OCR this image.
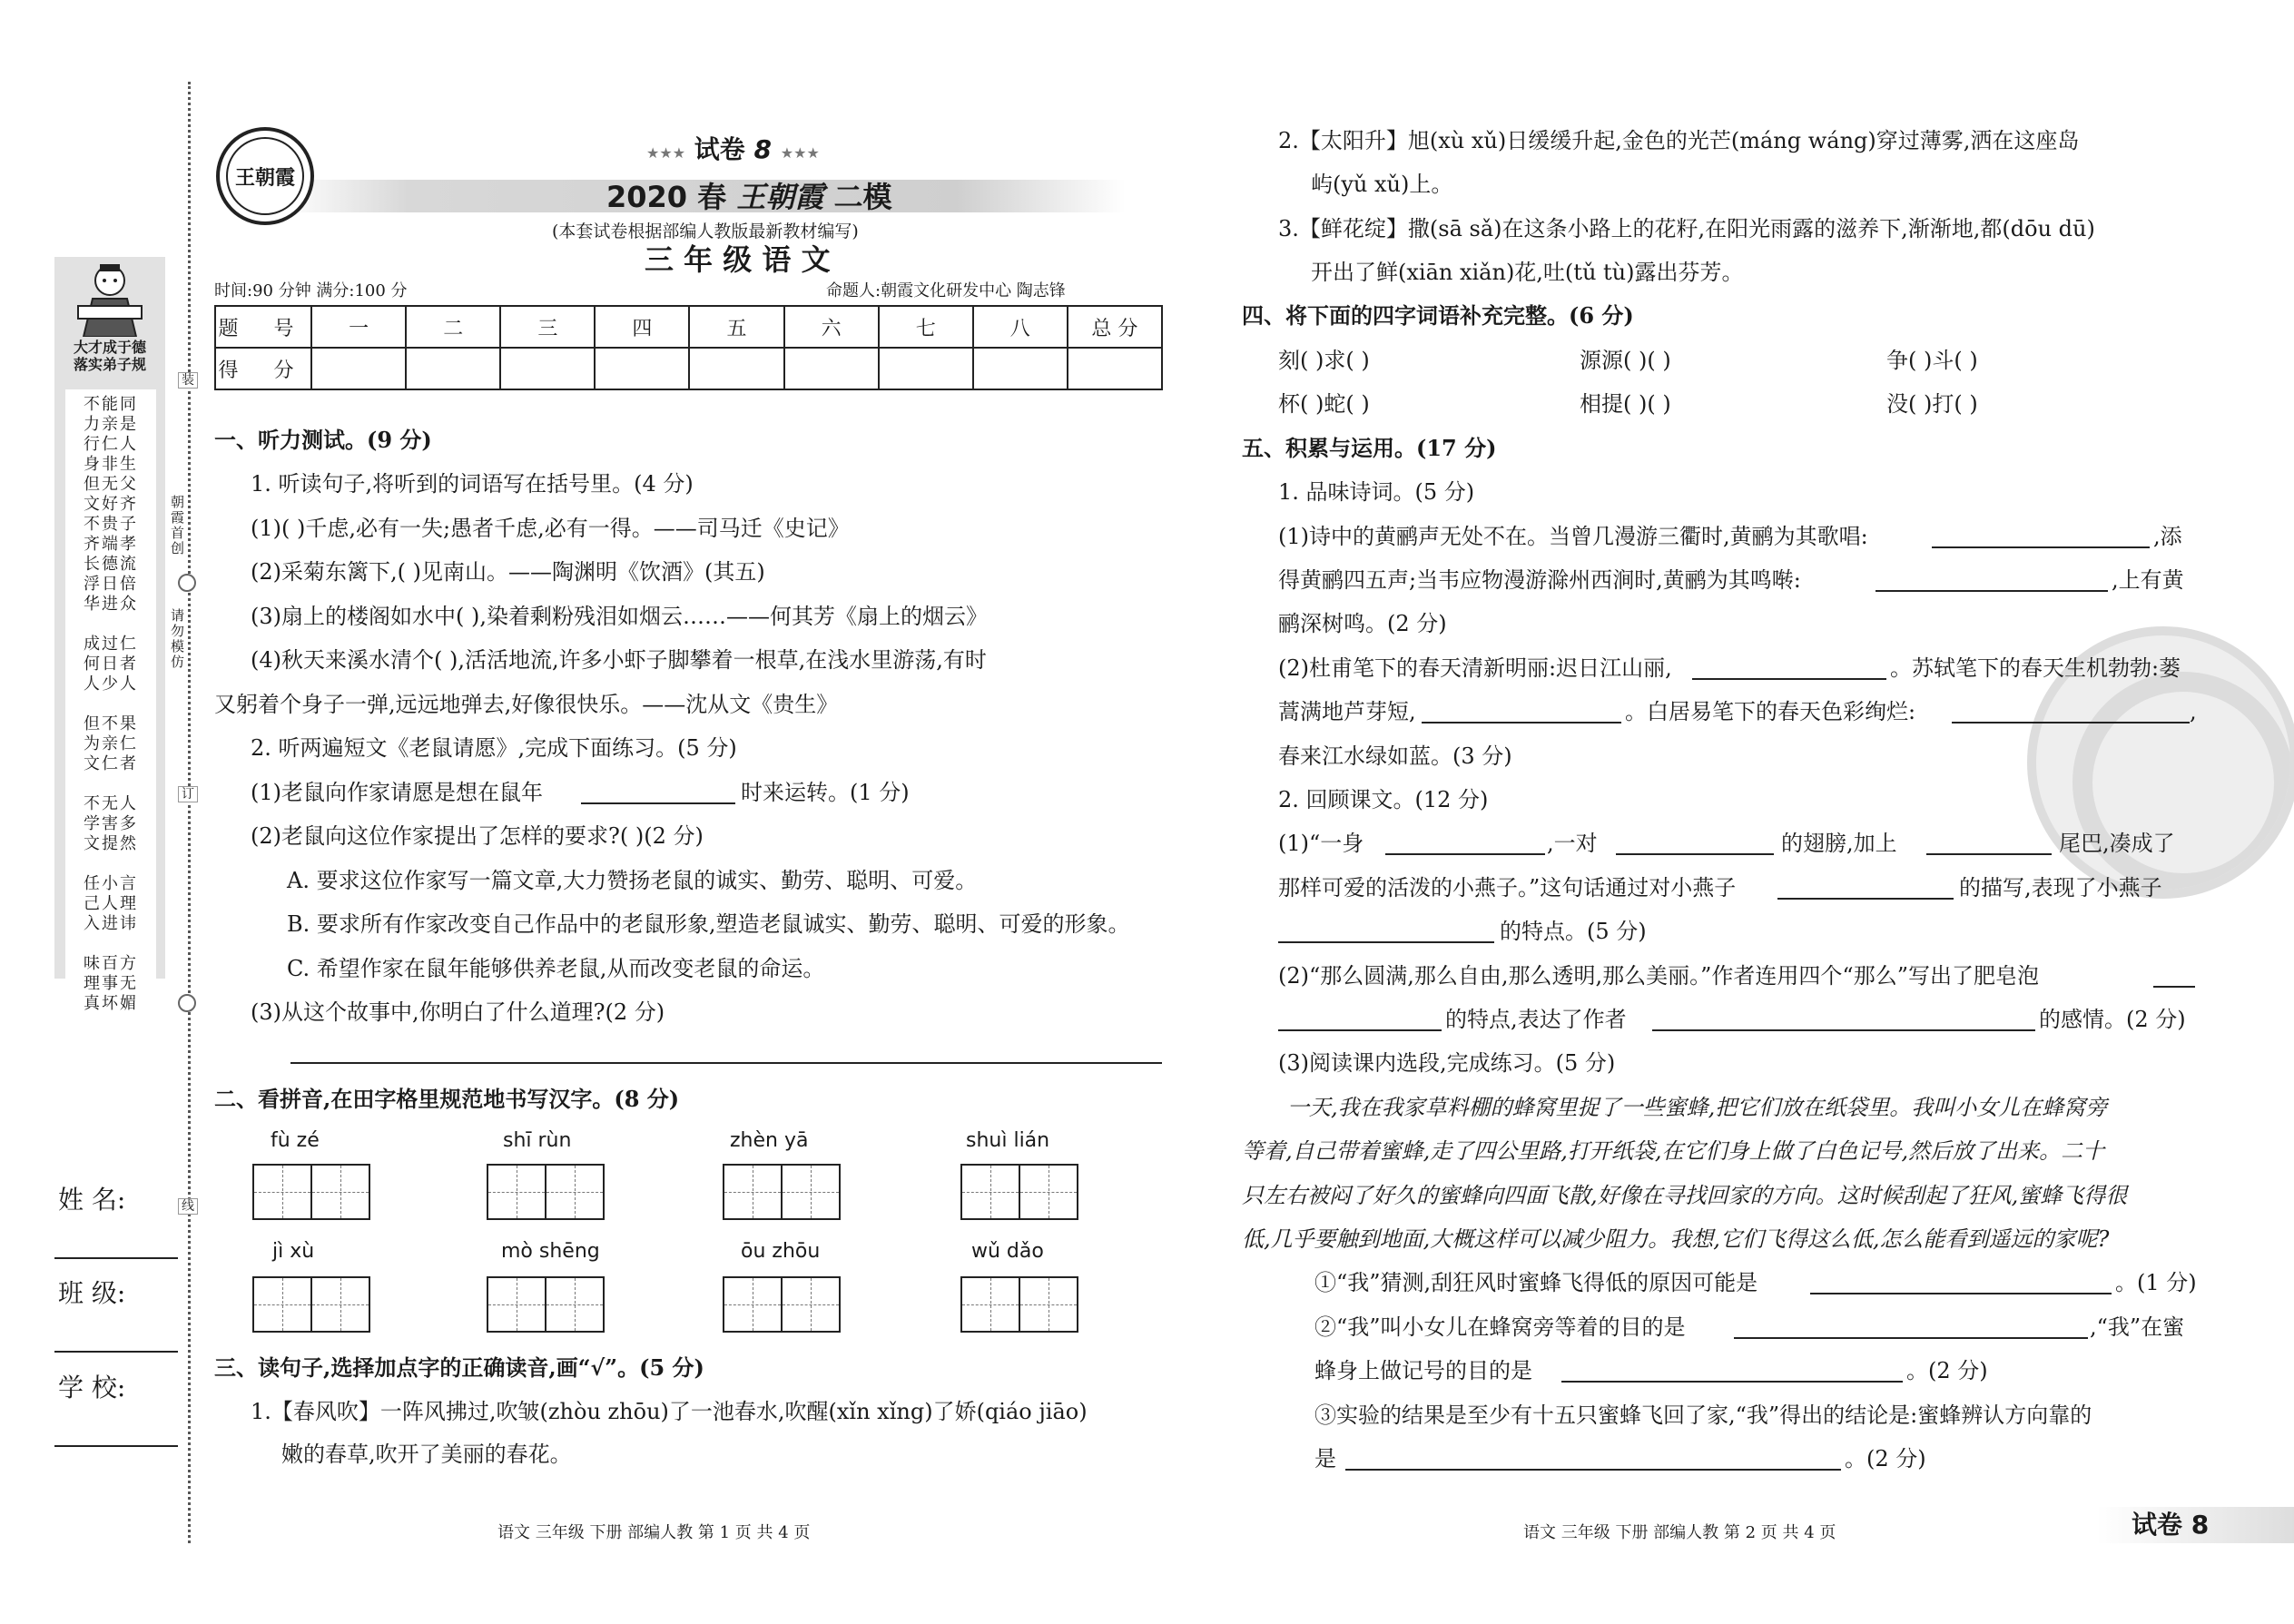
大才成于德
落实弟子规
不能同
力亲是
行仁人
身非生
但无父
文好齐
不贵子
齐端孝
长德流
浮日倍
华进众
成过仁
何日者
人少人
但不果
为亲仁
文仁者
不无人
学害多
文提然
任小言
己人理
入进讳
味百方
理事无
真坏媚
装
朝霞首创
请勿模仿
订
线
姓 名:
班 级:
学 校:
王朝霞
★★★ 试卷 8 ★★★
2020 春 王朝霞 二模
(本套试卷根据部编人教版最新教材编写)
三 年 级 语 文
时间:90 分钟 满分:100 分	命题人:朝霞文化研发中心 陶志锋
题 号	一	二	三	四	五	六	七	八	总 分
得 分									
一、听力测试。(9 分)
1. 听读句子,将听到的词语写在括号里。(4 分)
(1)( )千虑,必有一失;愚者千虑,必有一得。——司马迁《史记》
(2)采菊东篱下,( )见南山。——陶渊明《饮酒》(其五)
(3)扇上的楼阁如水中( ),染着剩粉残泪如烟云……——何其芳《扇上的烟云》
(4)秋天来溪水清个( ),活活地流,许多小虾子脚攀着一根草,在浅水里游荡,有时
又躬着个身子一弹,远远地弹去,好像很快乐。——沈从文《贵生》
2. 听两遍短文《老鼠请愿》,完成下面练习。(5 分)
(1)老鼠向作家请愿是想在鼠年	时来运转。(1 分)
(2)老鼠向这位作家提出了怎样的要求?( )(2 分)
A. 要求这位作家写一篇文章,大力赞扬老鼠的诚实、勤劳、聪明、可爱。
B. 要求所有作家改变自己作品中的老鼠形象,塑造老鼠诚实、勤劳、聪明、可爱的形象。
C. 希望作家在鼠年能够供养老鼠,从而改变老鼠的命运。
(3)从这个故事中,你明白了什么道理?(2 分)
二、看拼音,在田字格里规范地书写汉字。(8 分)
fù zé	shī rùn	zhèn yā	shuì lián
jì xù	mò shēng	ōu zhōu	wǔ dǎo
三、读句子,选择加点字的正确读音,画“√”。(5 分)
1.【春风吹】一阵风拂过,吹皱(zhòu zhōu)了一池春水,吹醒(xǐn xǐng)了娇(qiáo jiāo)
嫩的春草,吹开了美丽的春花。
语文 三年级 下册 部编人教 第 1 页 共 4 页
2.【太阳升】旭(xù xǔ)日缓缓升起,金色的光芒(máng wáng)穿过薄雾,洒在这座岛
屿(yǔ xǔ)上。
3.【鲜花绽】撒(sā sǎ)在这条小路上的花籽,在阳光雨露的滋养下,渐渐地,都(dōu dū)
开出了鲜(xiān xiǎn)花,吐(tǔ tù)露出芬芳。
四、将下面的四字词语补充完整。(6 分)
刻( )求( )	源源( )( )	争( )斗( )
杯( )蛇( )	相提( )( )	没( )打( )
五、积累与运用。(17 分)
1. 品味诗词。(5 分)
(1)诗中的黄鹂声无处不在。当曾几漫游三衢时,黄鹂为其歌唱:	,添
得黄鹂四五声;当韦应物漫游滁州西涧时,黄鹂为其鸣啭:	,上有黄
鹂深树鸣。(2 分)
(2)杜甫笔下的春天清新明丽:迟日江山丽,	。苏轼笔下的春天生机勃勃:蒌
蒿满地芦芽短,	。白居易笔下的春天色彩绚烂:	,
春来江水绿如蓝。(3 分)
2. 回顾课文。(12 分)
(1)“一身	,一对	的翅膀,加上	尾巴,凑成了
那样可爱的活泼的小燕子。”这句话通过对小燕子	的描写,表现了小燕子
的特点。(5 分)
(2)“那么圆满,那么自由,那么透明,那么美丽。”作者连用四个“那么”写出了肥皂泡
的特点,表达了作者	的感情。(2 分)
(3)阅读课内选段,完成练习。(5 分)
一天,我在我家草料棚的蜂窝里捉了一些蜜蜂,把它们放在纸袋里。我叫小女儿在蜂窝旁
等着,自己带着蜜蜂,走了四公里路,打开纸袋,在它们身上做了白色记号,然后放了出来。二十
只左右被闷了好久的蜜蜂向四面飞散,好像在寻找回家的方向。这时候刮起了狂风,蜜蜂飞得很
低,几乎要触到地面,大概这样可以减少阻力。我想,它们飞得这么低,怎么能看到遥远的家呢?
①“我”猜测,刮狂风时蜜蜂飞得低的原因可能是	。(1 分)
②“我”叫小女儿在蜂窝旁等着的目的是	,“我”在蜜
蜂身上做记号的目的是	。(2 分)
③实验的结果是至少有十五只蜜蜂飞回了家,“我”得出的结论是:蜜蜂辨认方向靠的
是	。(2 分)
语文 三年级 下册 部编人教 第 2 页 共 4 页	试卷 8
